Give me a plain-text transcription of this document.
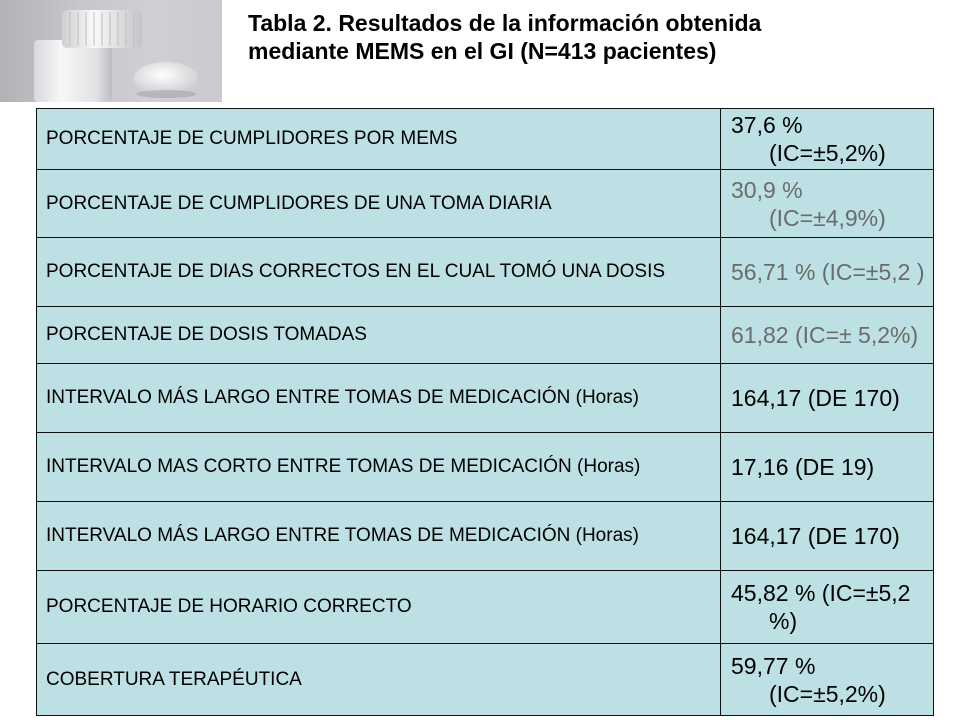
Tabla 2. Resultados de la información obtenida
mediante MEMS en el GI (N=413 pacientes)
PORCENTAJE DE CUMPLIDORES POR MEMS	37,6 % (IC=±5,2%)
PORCENTAJE DE CUMPLIDORES DE UNA TOMA DIARIA	30,9 % (IC=±4,9%)
PORCENTAJE DE DIAS CORRECTOS EN EL CUAL TOMÓ UNA DOSIS	56,71 % (IC=±5,2 )
PORCENTAJE DE DOSIS TOMADAS	61,82 (IC=± 5,2%)
INTERVALO MÁS LARGO ENTRE TOMAS DE MEDICACIÓN (Horas)	164,17 (DE 170)
INTERVALO MAS CORTO ENTRE TOMAS DE MEDICACIÓN (Horas)	17,16 (DE 19)
INTERVALO MÁS LARGO ENTRE TOMAS DE MEDICACIÓN (Horas)	164,17 (DE 170)
PORCENTAJE DE HORARIO CORRECTO	45,82 % (IC=±5,2 %)
COBERTURA TERAPÉUTICA	59,77 % (IC=±5,2%)
